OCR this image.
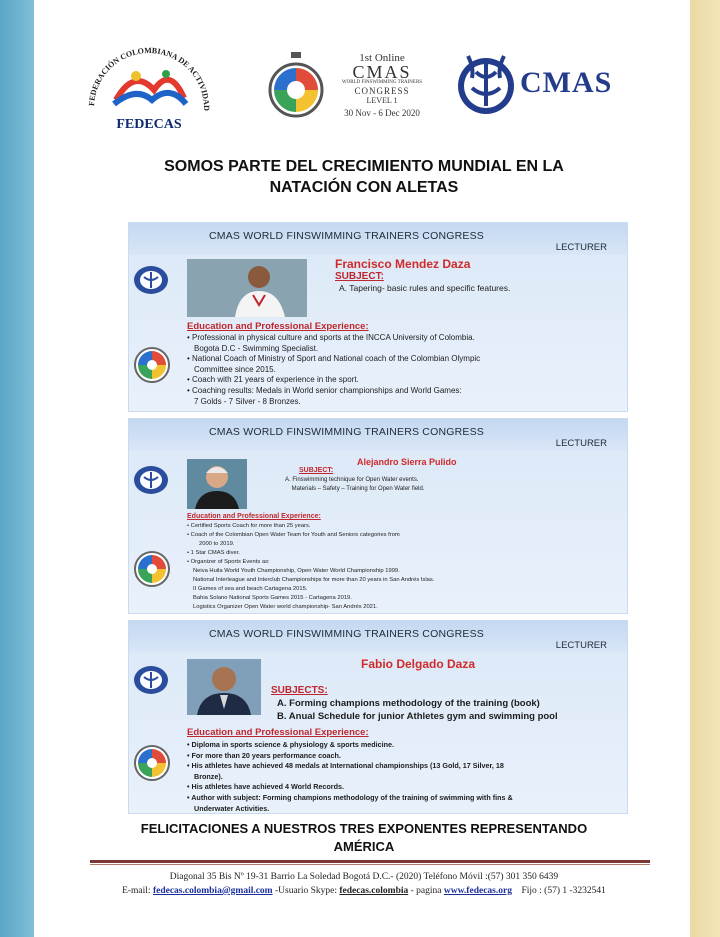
FEDERACIÓN COLOMBIANA DE ACTIVIDAD
FEDECAS
1st Online
CMAS
WORLD FINSWIMMING TRAINERS
CONGRESS
LEVEL 1
30 Nov - 6 Dec 2020
CMAS
SOMOS PARTE DEL CRECIMIENTO MUNDIAL EN LA
NATACIÓN CON ALETAS
CMAS WORLD FINSWIMMING TRAINERS CONGRESS
LECTURER
Francisco Mendez Daza
SUBJECT:
A. Tapering- basic rules and specific features.
Education and Professional Experience:
• Professional in physical culture and sports at the INCCA University of Colombia.
Bogota D.C - Swimming Specialist.
• National Coach of Ministry of Sport and National coach of the Colombian Olympic
Committee since 2015.
• Coach with 21 years of experience in the sport.
• Coaching results: Medals in World senior championships and World Games:
7 Golds - 7 Silver - 8 Bronzes.
CMAS WORLD FINSWIMMING TRAINERS CONGRESS
LECTURER
Alejandro Sierra Pulido
SUBJECT:
A. Finswimming technique for Open Water events.
Materials – Safety – Training for Open Water field.
Education and Professional Experience:
• Certified Sports Coach for more than 25 years.
• Coach of the Colombian Open Water Team for Youth and Seniors categories from
2000 to 2019.
• 1 Star CMAS diver.
• Organizer of Sports Events as:
Neiva Huila World Youth Championship, Open Water World Championship 1999.
National Interleague and Interclub Championships for more than 20 years in San Andrés Islas.
II Games of sea and beach Cartagena 2015.
Bahia Solano National Sports Games 2015 - Cartagena 2019.
Logistics Organizer Open Water world championship- San Andrés 2021.
CMAS WORLD FINSWIMMING TRAINERS CONGRESS
LECTURER
Fabio Delgado Daza
SUBJECTS:
A. Forming champions methodology of the training (book)
B. Anual Schedule for junior Athletes gym and swimming pool
Education and Professional Experience:
• Diploma in sports science & physiology & sports medicine.
• For more than 20 years performance coach.
• His athletes have achieved 48 medals at International championships (13 Gold, 17 Silver, 18
Bronze).
• His athletes have achieved 4 World Records.
• Author with subject: Forming champions methodology of the training of swimming with fins &
Underwater Activities.
FELICITACIONES A NUESTROS TRES EXPONENTES REPRESENTANDO
AMÉRICA
Diagonal 35 Bis Nº 19-31 Barrio La Soledad Bogotá D.C.- (2020) Teléfono Móvil :(57) 301 350 6439
E-mail: fedecas.colombia@gmail.com -Usuario Skype: fedecas.colombia - pagina www.fedecas.org    Fijo : (57) 1 -3232541
